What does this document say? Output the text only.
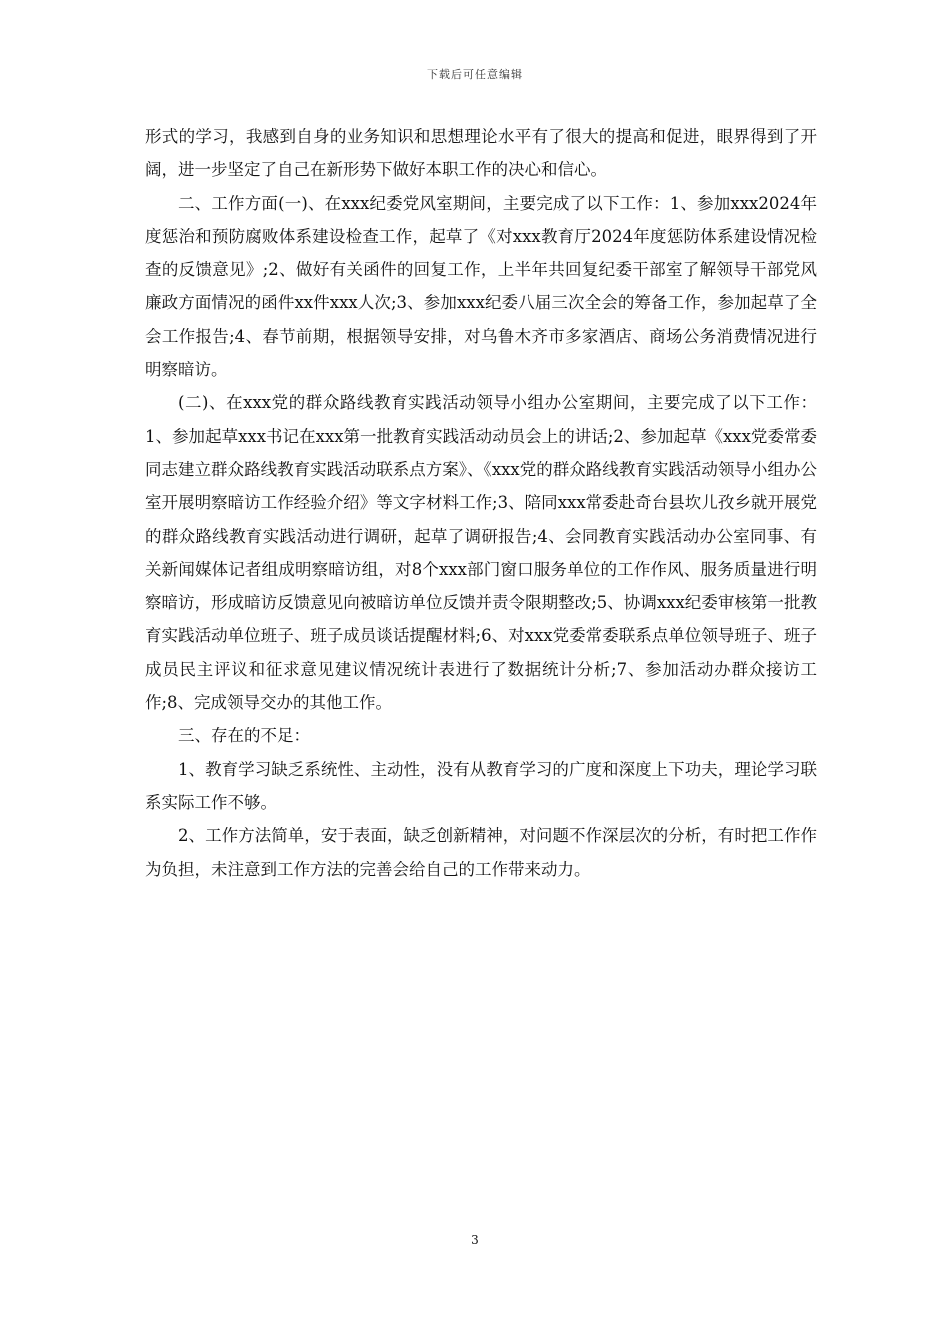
下载后可任意编辑

形式的学习，我感到自身的业务知识和思想理论水平有了很大的提高和促进，眼界得到了开阔，进一步坚定了自己在新形势下做好本职工作的决心和信心。

二、工作方面(一)、在xxx纪委党风室期间，主要完成了以下工作：1、参加xxx2024年度惩治和预防腐败体系建设检查工作，起草了《对xxx教育厅2024年度惩防体系建设情况检查的反馈意见》;2、做好有关函件的回复工作，上半年共回复纪委干部室了解领导干部党风廉政方面情况的函件xx件xxx人次;3、参加xxx纪委八届三次全会的筹备工作，参加起草了全会工作报告;4、春节前期，根据领导安排，对乌鲁木齐市多家酒店、商场公务消费情况进行明察暗访。

(二)、在xxx党的群众路线教育实践活动领导小组办公室期间，主要完成了以下工作：1、参加起草xxx书记在xxx第一批教育实践活动动员会上的讲话;2、参加起草《xxx党委常委同志建立群众路线教育实践活动联系点方案》、《xxx党的群众路线教育实践活动领导小组办公室开展明察暗访工作经验介绍》等文字材料工作;3、陪同xxx常委赴奇台县坎儿孜乡就开展党的群众路线教育实践活动进行调研，起草了调研报告;4、会同教育实践活动办公室同事、有关新闻媒体记者组成明察暗访组，对8个xxx部门窗口服务单位的工作作风、服务质量进行明察暗访，形成暗访反馈意见向被暗访单位反馈并责令限期整改;5、协调xxx纪委审核第一批教育实践活动单位班子、班子成员谈话提醒材料;6、对xxx党委常委联系点单位领导班子、班子成员民主评议和征求意见建议情况统计表进行了数据统计分析;7、参加活动办群众接访工作;8、完成领导交办的其他工作。

三、存在的不足：

1、教育学习缺乏系统性、主动性，没有从教育学习的广度和深度上下功夫，理论学习联系实际工作不够。

2、工作方法简单，安于表面，缺乏创新精神，对问题不作深层次的分析，有时把工作作为负担，未注意到工作方法的完善会给自己的工作带来动力。

3
